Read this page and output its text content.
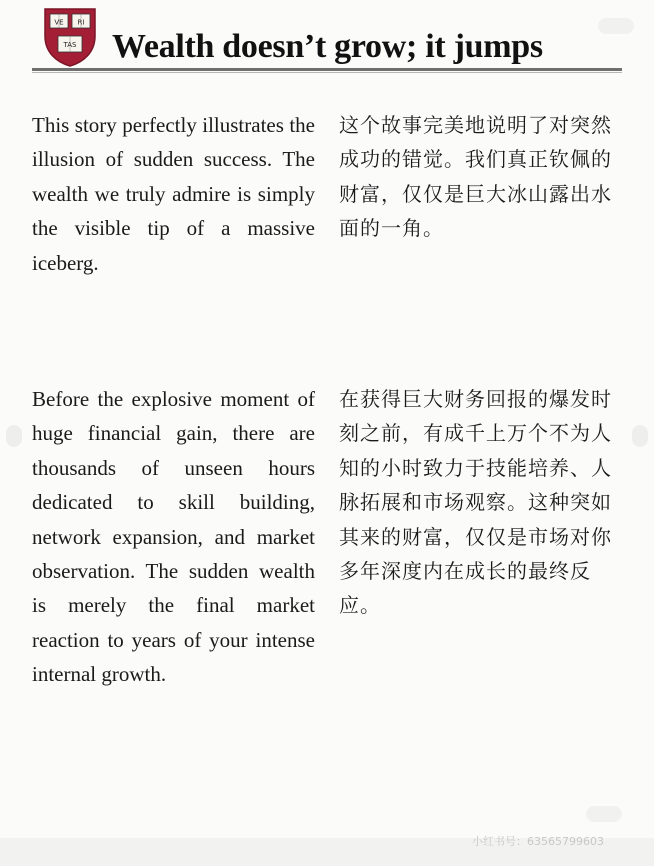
VE RI
TAS Wealth doesn’t grow; it jumps

This story perfectly illustrates the illusion of sudden success. The wealth we truly admire is simply the visible tip of a massive iceberg.

这个故事完美地说明了对突然成功的错觉。我们真正钦佩的财富，仅仅是巨大冰山露出水面的一角。

Before the explosive moment of huge financial gain, there are thousands of unseen hours dedicated to skill building, network expansion, and market observation. The sudden wealth is merely the final market reaction to years of your intense internal growth.

在获得巨大财务回报的爆发时刻之前，有成千上万个不为人知的小时致力于技能培养、人脉拓展和市场观察。这种突如其来的财富，仅仅是市场对你多年深度内在成长的最终反应。

小红书号：63565799603
